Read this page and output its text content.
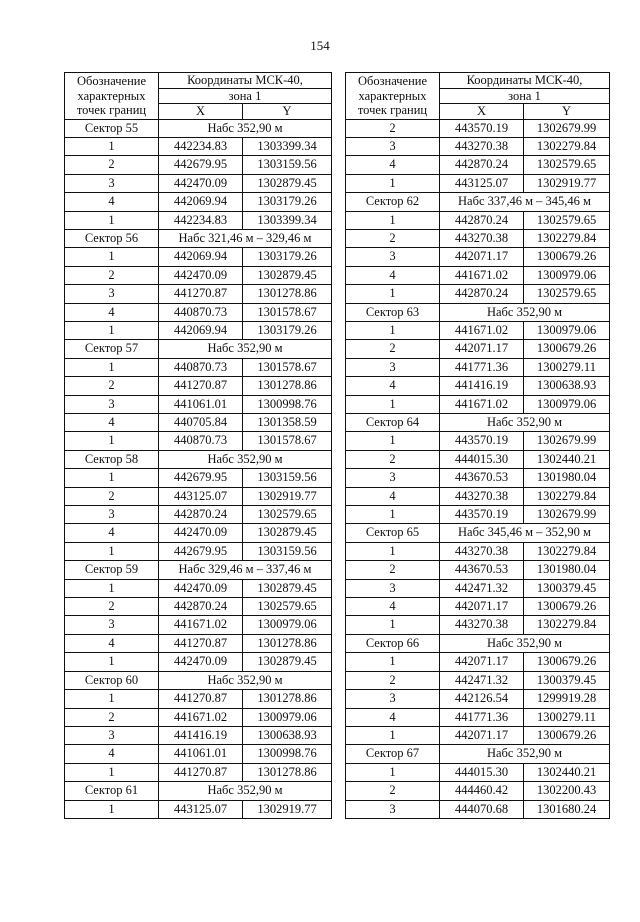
154
Обозначение
характерных
точек границ	Координаты МСК-40,	
	зона 1	
	X	Y
Сектор 55	Набс 352,90 м	
1	442234.83	1303399.34
2	442679.95	1303159.56
3	442470.09	1302879.45
4	442069.94	1303179.26
1	442234.83	1303399.34
Сектор 56	Набс 321,46 м – 329,46 м	
1	442069.94	1303179.26
2	442470.09	1302879.45
3	441270.87	1301278.86
4	440870.73	1301578.67
1	442069.94	1303179.26
Сектор 57	Набс 352,90 м	
1	440870.73	1301578.67
2	441270.87	1301278.86
3	441061.01	1300998.76
4	440705.84	1301358.59
1	440870.73	1301578.67
Сектор 58	Набс 352,90 м	
1	442679.95	1303159.56
2	443125.07	1302919.77
3	442870.24	1302579.65
4	442470.09	1302879.45
1	442679.95	1303159.56
Сектор 59	Набс 329,46 м – 337,46 м	
1	442470.09	1302879.45
2	442870.24	1302579.65
3	441671.02	1300979.06
4	441270.87	1301278.86
1	442470.09	1302879.45
Сектор 60	Набс 352,90 м	
1	441270.87	1301278.86
2	441671.02	1300979.06
3	441416.19	1300638.93
4	441061.01	1300998.76
1	441270.87	1301278.86
Сектор 61	Набс 352,90 м	
1	443125.07	1302919.77
Обозначение
характерных
точек границ	Координаты МСК-40,	
	зона 1	
	X	Y
2	443570.19	1302679.99
3	443270.38	1302279.84
4	442870.24	1302579.65
1	443125.07	1302919.77
Сектор 62	Набс 337,46 м – 345,46 м	
1	442870.24	1302579.65
2	443270.38	1302279.84
3	442071.17	1300679.26
4	441671.02	1300979.06
1	442870.24	1302579.65
Сектор 63	Набс 352,90 м	
1	441671.02	1300979.06
2	442071.17	1300679.26
3	441771.36	1300279.11
4	441416.19	1300638.93
1	441671.02	1300979.06
Сектор 64	Набс 352,90 м	
1	443570.19	1302679.99
2	444015.30	1302440.21
3	443670.53	1301980.04
4	443270.38	1302279.84
1	443570.19	1302679.99
Сектор 65	Набс 345,46 м – 352,90 м	
1	443270.38	1302279.84
2	443670.53	1301980.04
3	442471.32	1300379.45
4	442071.17	1300679.26
1	443270.38	1302279.84
Сектор 66	Набс 352,90 м	
1	442071.17	1300679.26
2	442471.32	1300379.45
3	442126.54	1299919.28
4	441771.36	1300279.11
1	442071.17	1300679.26
Сектор 67	Набс 352,90 м	
1	444015.30	1302440.21
2	444460.42	1302200.43
3	444070.68	1301680.24
